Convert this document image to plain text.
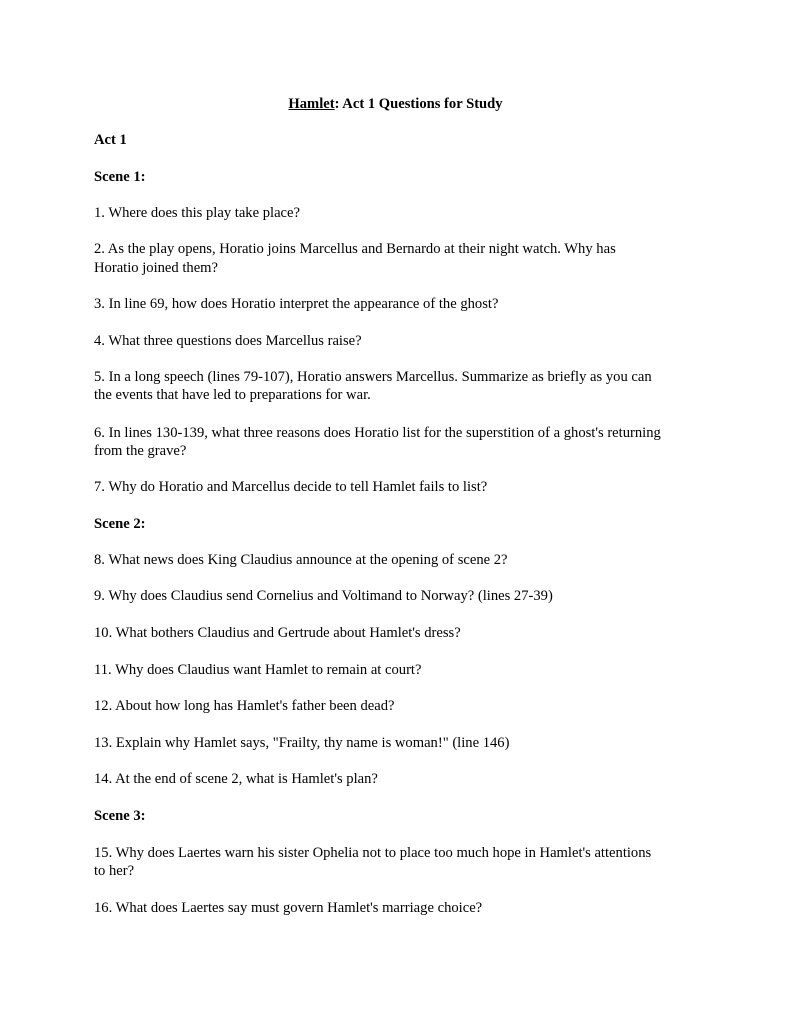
Hamlet: Act 1 Questions for Study
Act 1
Scene 1:
1. Where does this play take place?
2. As the play opens, Horatio joins Marcellus and Bernardo at their night watch. Why has
Horatio joined them?
3. In line 69, how does Horatio interpret the appearance of the ghost?
4. What three questions does Marcellus raise?
5. In a long speech (lines 79-107), Horatio answers Marcellus. Summarize as briefly as you can
the events that have led to preparations for war.
6. In lines 130-139, what three reasons does Horatio list for the superstition of a ghost's returning
from the grave?
7. Why do Horatio and Marcellus decide to tell Hamlet fails to list?
Scene 2:
8. What news does King Claudius announce at the opening of scene 2?
9. Why does Claudius send Cornelius and Voltimand to Norway? (lines 27-39)
10. What bothers Claudius and Gertrude about Hamlet's dress?
11. Why does Claudius want Hamlet to remain at court?
12. About how long has Hamlet's father been dead?
13. Explain why Hamlet says, "Frailty, thy name is woman!" (line 146)
14. At the end of scene 2, what is Hamlet's plan?
Scene 3:
15. Why does Laertes warn his sister Ophelia not to place too much hope in Hamlet's attentions
to her?
16. What does Laertes say must govern Hamlet's marriage choice?
